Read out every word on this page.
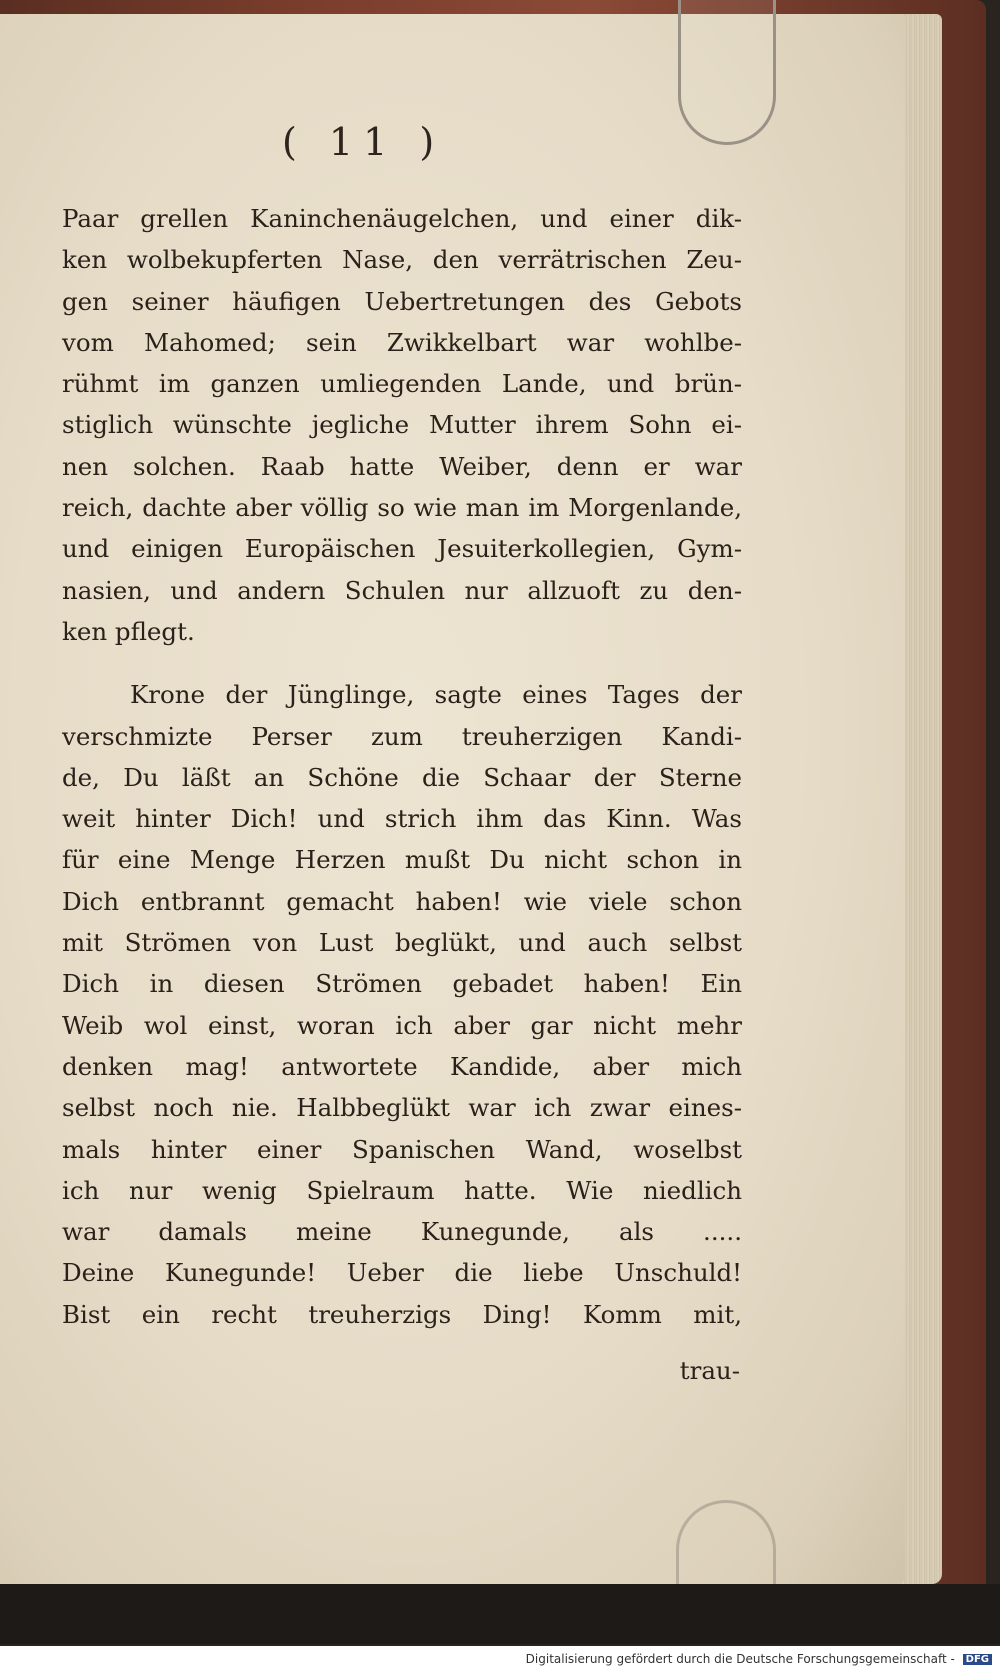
( 11 )
Paar grellen Kaninchenäugelchen, und einer dik-
ken wolbekupferten Nase, den verrätrischen Zeu-
gen seiner häufigen Uebertretungen des Gebots
vom Mahomed; sein Zwikkelbart war wohlbe-
rühmt im ganzen umliegenden Lande, und brün-
stiglich wünschte jegliche Mutter ihrem Sohn ei-
nen solchen. Raab hatte Weiber, denn er war
reich, dachte aber völlig so wie man im Morgenlande,
und einigen Europäischen Jesuiterkollegien, Gym-
nasien, und andern Schulen nur allzuoft zu den-
ken pflegt.
Krone der Jünglinge, sagte eines Tages der
verschmizte Perser zum treuherzigen Kandi-
de, Du läßt an Schöne die Schaar der Sterne
weit hinter Dich! und strich ihm das Kinn. Was
für eine Menge Herzen mußt Du nicht schon in
Dich entbrannt gemacht haben! wie viele schon
mit Strömen von Lust beglükt, und auch selbst
Dich in diesen Strömen gebadet haben! Ein
Weib wol einst, woran ich aber gar nicht mehr
denken mag! antwortete Kandide, aber mich
selbst noch nie. Halbbeglükt war ich zwar eines-
mals hinter einer Spanischen Wand, woselbst
ich nur wenig Spielraum hatte. Wie niedlich
war damals meine Kunegunde, als .....
Deine Kunegunde! Ueber die liebe Unschuld!
Bist ein recht treuherzigs Ding! Komm mit,
trau-
Digitalisierung gefördert durch die Deutsche Forschungsgemeinschaft - DFG
